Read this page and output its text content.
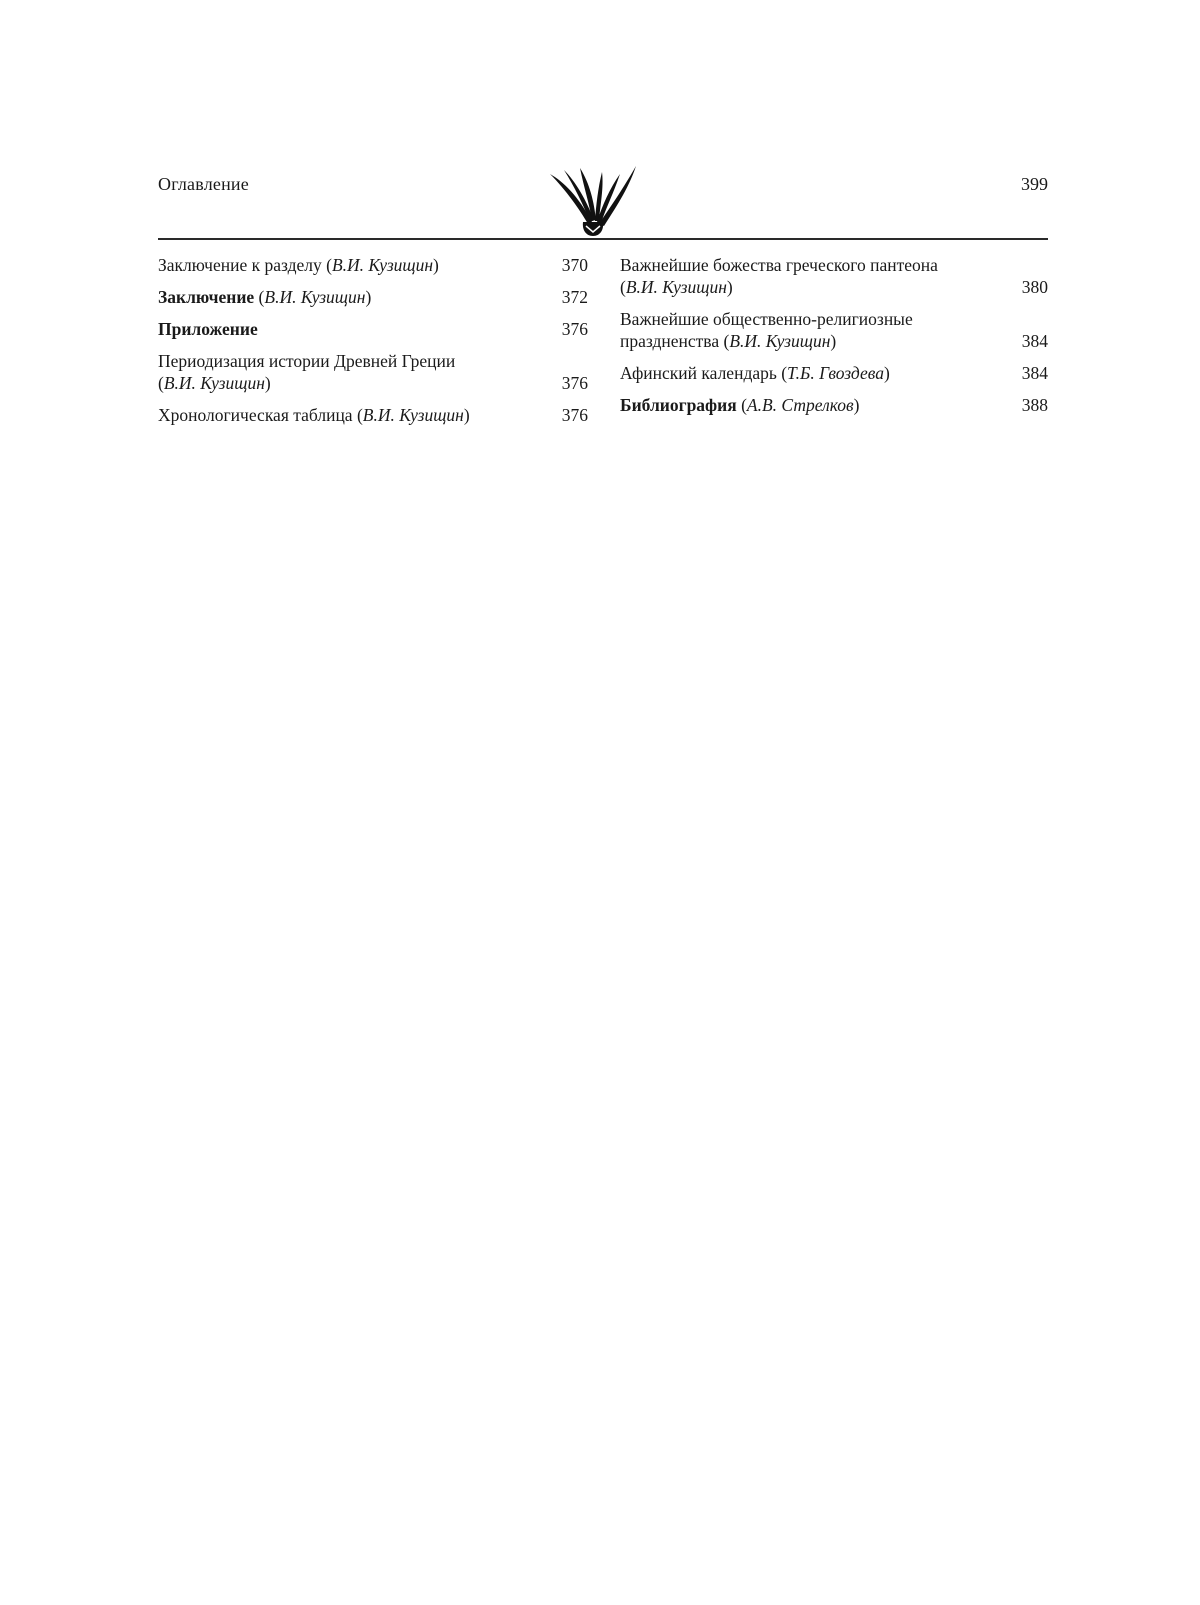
Оглавление	399
Заключение к разделу (В.И. Кузищин)	370
Заключение (В.И. Кузищин)	372
Приложение	376
Периодизация истории Древней Греции
(В.И. Кузищин)	376
Хронологическая таблица (В.И. Кузищин)	376
Важнейшие божества греческого пантеона
(В.И. Кузищин)	380
Важнейшие общественно-религиозные праздненства (В.И. Кузищин)	384
Афинский календарь (Т.Б. Гвоздева)	384
Библиография (А.В. Стрелков)	388
